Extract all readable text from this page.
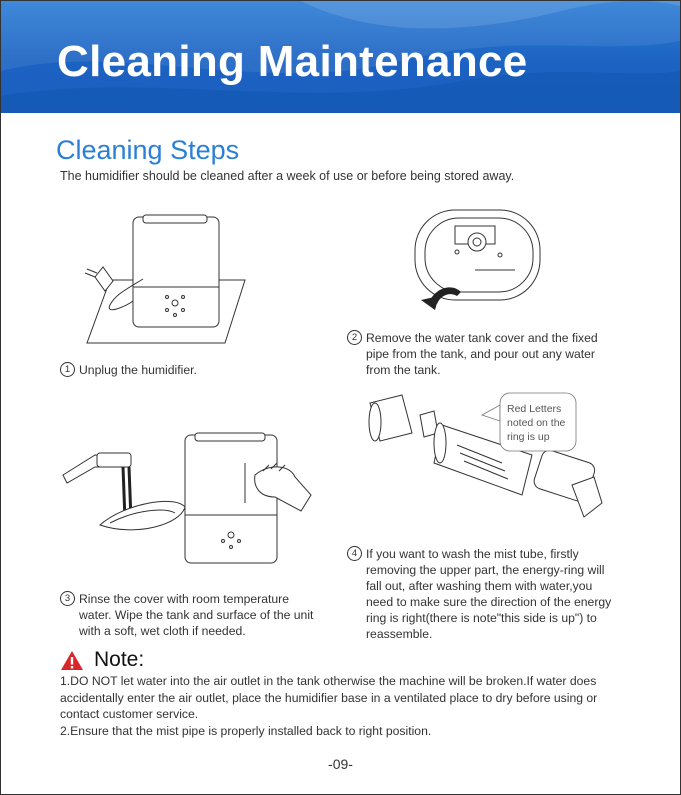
Cleaning Maintenance
Cleaning Steps
The humidifier should be cleaned after a week of use or before being stored away.
Red Letters
noted on the
ring is up
1 Unplug the humidifier.
2 Remove the water tank cover and the fixed
pipe from the tank, and pour out any water
from the tank.
3 Rinse the cover with room temperature
water. Wipe the tank and surface of the unit
with a soft, wet cloth if needed.
4 If you want to wash the mist tube, firstly
removing the upper part, the energy-ring will
fall out, after washing them with water,you
need to make sure the direction of the energy
ring is right(there is note"this side is up") to
reassemble.
Note:
1.DO NOT let water into the air outlet in the tank otherwise the machine will be broken.If water does
accidentally enter the air outlet, place the humidifier base in a ventilated place to dry before using or
contact customer service.
2.Ensure that the mist pipe is properly installed back to right position.
-09-
